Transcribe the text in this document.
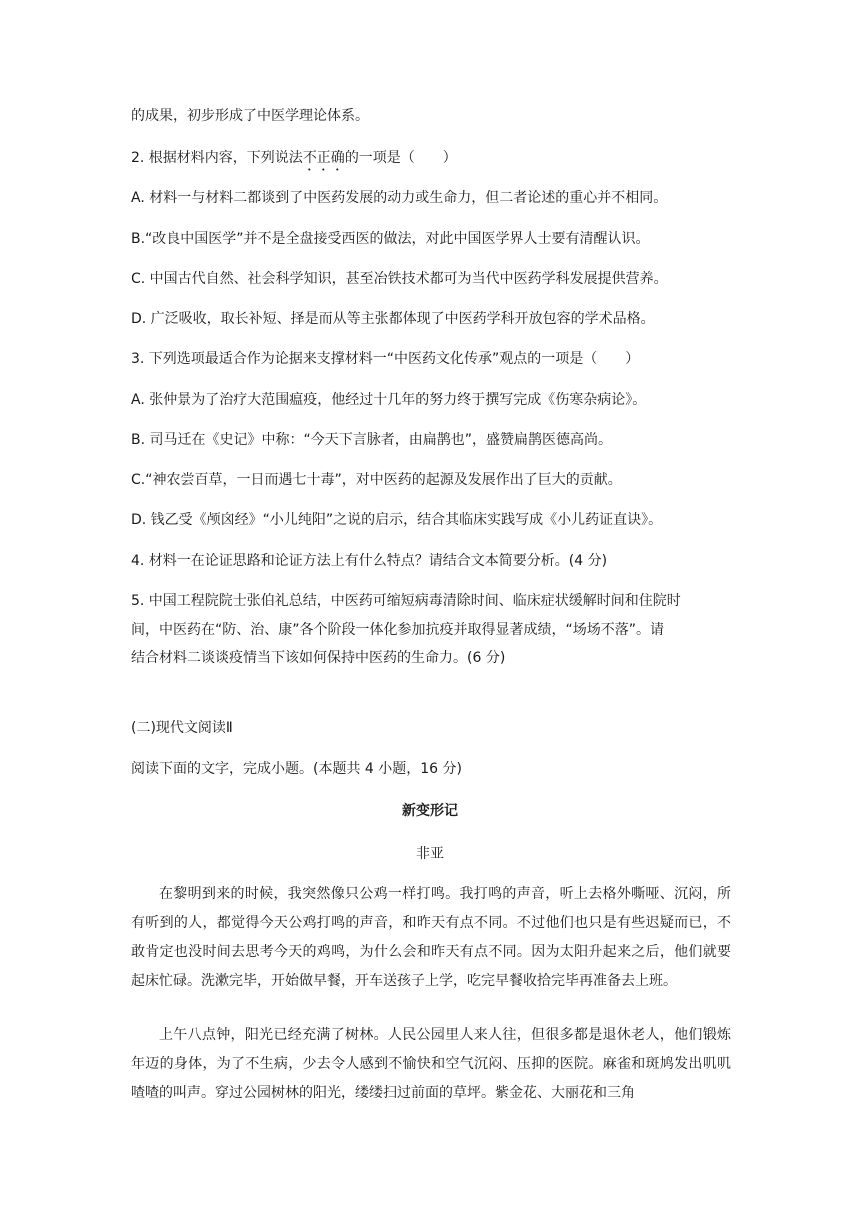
的成果，初步形成了中医学理论体系。
2. 根据材料内容，下列说法不正确的一项是（　　）
A. 材料一与材料二都谈到了中医药发展的动力或生命力，但二者论述的重心并不相同。
B.“改良中国医学”并不是全盘接受西医的做法，对此中国医学界人士要有清醒认识。
C. 中国古代自然、社会科学知识，甚至冶铁技术都可为当代中医药学科发展提供营养。
D. 广泛吸收，取长补短、择是而从等主张都体现了中医药学科开放包容的学术品格。
3. 下列选项最适合作为论据来支撑材料一“中医药文化传承”观点的一项是（　　）
A. 张仲景为了治疗大范围瘟疫，他经过十几年的努力终于撰写完成《伤寒杂病论》。
B. 司马迁在《史记》中称：“今天下言脉者，由扁鹊也”，盛赞扁鹊医德高尚。
C.“神农尝百草，一日而遇七十毒”，对中医药的起源及发展作出了巨大的贡献。
D. 钱乙受《颅囟经》“小儿纯阳”之说的启示，结合其临床实践写成《小儿药证直诀》。
4. 材料一在论证思路和论证方法上有什么特点？请结合文本简要分析。(4 分)
5. 中国工程院院士张伯礼总结，中医药可缩短病毒清除时间、临床症状缓解时间和住院时
间，中医药在“防、治、康”各个阶段一体化参加抗疫并取得显著成绩，“场场不落”。请
结合材料二谈谈疫情当下该如何保持中医药的生命力。(6 分)
(二)现代文阅读Ⅱ
阅读下面的文字，完成小题。(本题共 4 小题，16 分)
新变形记
非亚
在黎明到来的时候，我突然像只公鸡一样打鸣。我打鸣的声音，听上去格外嘶哑、沉闷，所有听到的人，都觉得今天公鸡打鸣的声音，和昨天有点不同。不过他们也只是有些迟疑而已，不敢肯定也没时间去思考今天的鸡鸣，为什么会和昨天有点不同。因为太阳升起来之后，他们就要起床忙碌。洗漱完毕，开始做早餐，开车送孩子上学，吃完早餐收拾完毕再准备去上班。
上午八点钟，阳光已经充满了树林。人民公园里人来人往，但很多都是退休老人，他们锻炼年迈的身体，为了不生病，少去令人感到不愉快和空气沉闷、压抑的医院。麻雀和斑鸠发出叽叽喳喳的叫声。穿过公园树林的阳光，缕缕扫过前面的草坪。紫金花、大丽花和三角
